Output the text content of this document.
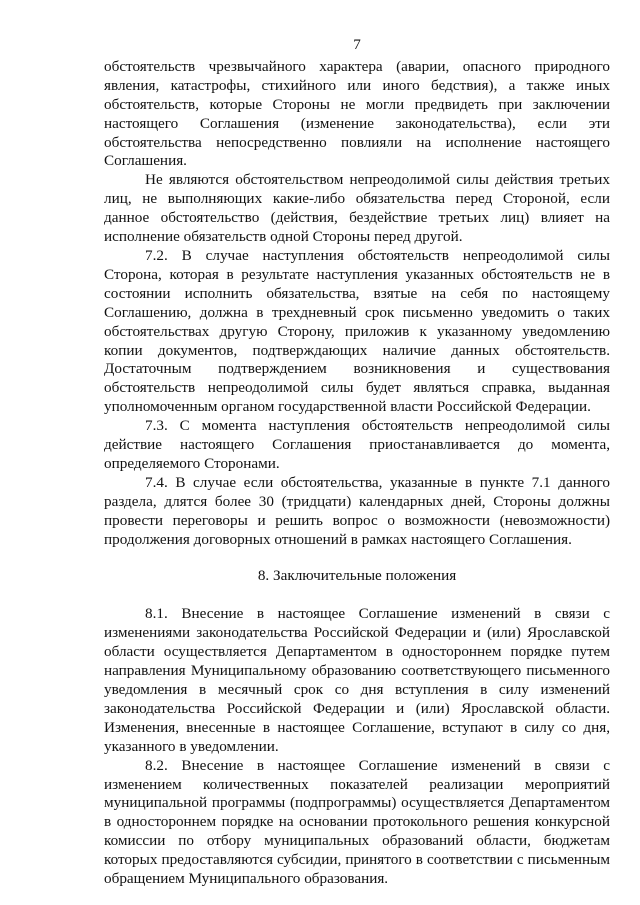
7

обстоятельств чрезвычайного характера (аварии, опасного природного явления, катастрофы, стихийного или иного бедствия), а также иных обстоятельств, которые Стороны не могли предвидеть при заключении настоящего Соглашения (изменение законодательства), если эти обстоятельства непосредственно повлияли на исполнение настоящего Соглашения.

Не являются обстоятельством непреодолимой силы действия третьих лиц, не выполняющих какие-либо обязательства перед Стороной, если данное обстоятельство (действия, бездействие третьих лиц) влияет на исполнение обязательств одной Стороны перед другой.

7.2. В случае наступления обстоятельств непреодолимой силы Сторона, которая в результате наступления указанных обстоятельств не в состоянии исполнить обязательства, взятые на себя по настоящему Соглашению, должна в трехдневный срок письменно уведомить о таких обстоятельствах другую Сторону, приложив к указанному уведомлению копии документов, подтверждающих наличие данных обстоятельств. Достаточным подтверждением возникновения и существования обстоятельств непреодолимой силы будет являться справка, выданная уполномоченным органом государственной власти Российской Федерации.

7.3. С момента наступления обстоятельств непреодолимой силы действие настоящего Соглашения приостанавливается до момента, определяемого Сторонами.

7.4. В случае если обстоятельства, указанные в пункте 7.1 данного раздела, длятся более 30 (тридцати) календарных дней, Стороны должны провести переговоры и решить вопрос о возможности (невозможности) продолжения договорных отношений в рамках настоящего Соглашения.

8. Заключительные положения

8.1. Внесение в настоящее Соглашение изменений в связи с изменениями законодательства Российской Федерации и (или) Ярославской области осуществляется Департаментом в одностороннем порядке путем направления Муниципальному образованию соответствующего письменного уведомления в месячный срок со дня вступления в силу изменений законодательства Российской Федерации и (или) Ярославской области. Изменения, внесенные в настоящее Соглашение, вступают в силу со дня, указанного в уведомлении.

8.2. Внесение в настоящее Соглашение изменений в связи с изменением количественных показателей реализации мероприятий муниципальной программы (подпрограммы) осуществляется Департаментом в одностороннем порядке на основании протокольного решения конкурсной комиссии по отбору муниципальных образований области, бюджетам которых предоставляются субсидии, принятого в соответствии с письменным обращением Муниципального образования.
